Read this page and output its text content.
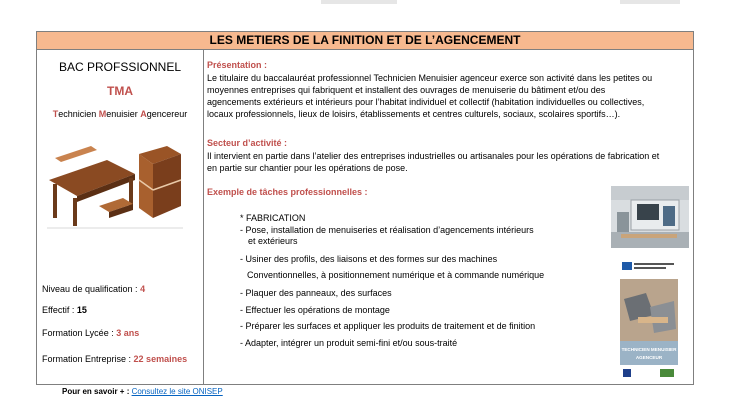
LES METIERS DE LA FINITION ET DE L’AGENCEMENT
BAC PROFSSIONNEL
TMA
Technicien Menuisier Agencereur
Niveau de qualification : 4
Effectif : 15
Formation Lycée : 3 ans
Formation Entreprise : 22 semaines
Présentation :
Le titulaire du baccalauréat professionnel Technicien Menuisier agenceur exerce son activité dans les petites ou
moyennes entreprises qui fabriquent et installent des ouvrages de menuiserie du bâtiment et/ou des
agencements extérieurs et intérieurs pour l’habitat individuel et collectif (habitation individuelles ou collectives,
locaux professionnels, lieux de loisirs, établissements et centres culturels, sociaux, scolaires sportifs…).
Secteur d’activité :
Il intervient en partie dans l’atelier des entreprises industrielles ou artisanales pour les opérations de fabrication et
en partie sur chantier pour les opérations de pose.
Exemple de tâches professionnelles :
* FABRICATION
- Pose, installation de menuiseries et réalisation d’agencements intérieurs
et extérieurs
- Usiner des profils, des liaisons et des formes sur des machines
Conventionnelles, à positionnement numérique et à commande numérique
- Plaquer des panneaux, des surfaces
- Effectuer les opérations de montage
- Préparer les surfaces et appliquer les produits de traitement et de finition
- Adapter, intégrer un produit semi-fini et/ou sous-traité
TECHNICIEN MENUISIER
AGENCEUR
Pour en savoir + : Consultez le site ONISEP
